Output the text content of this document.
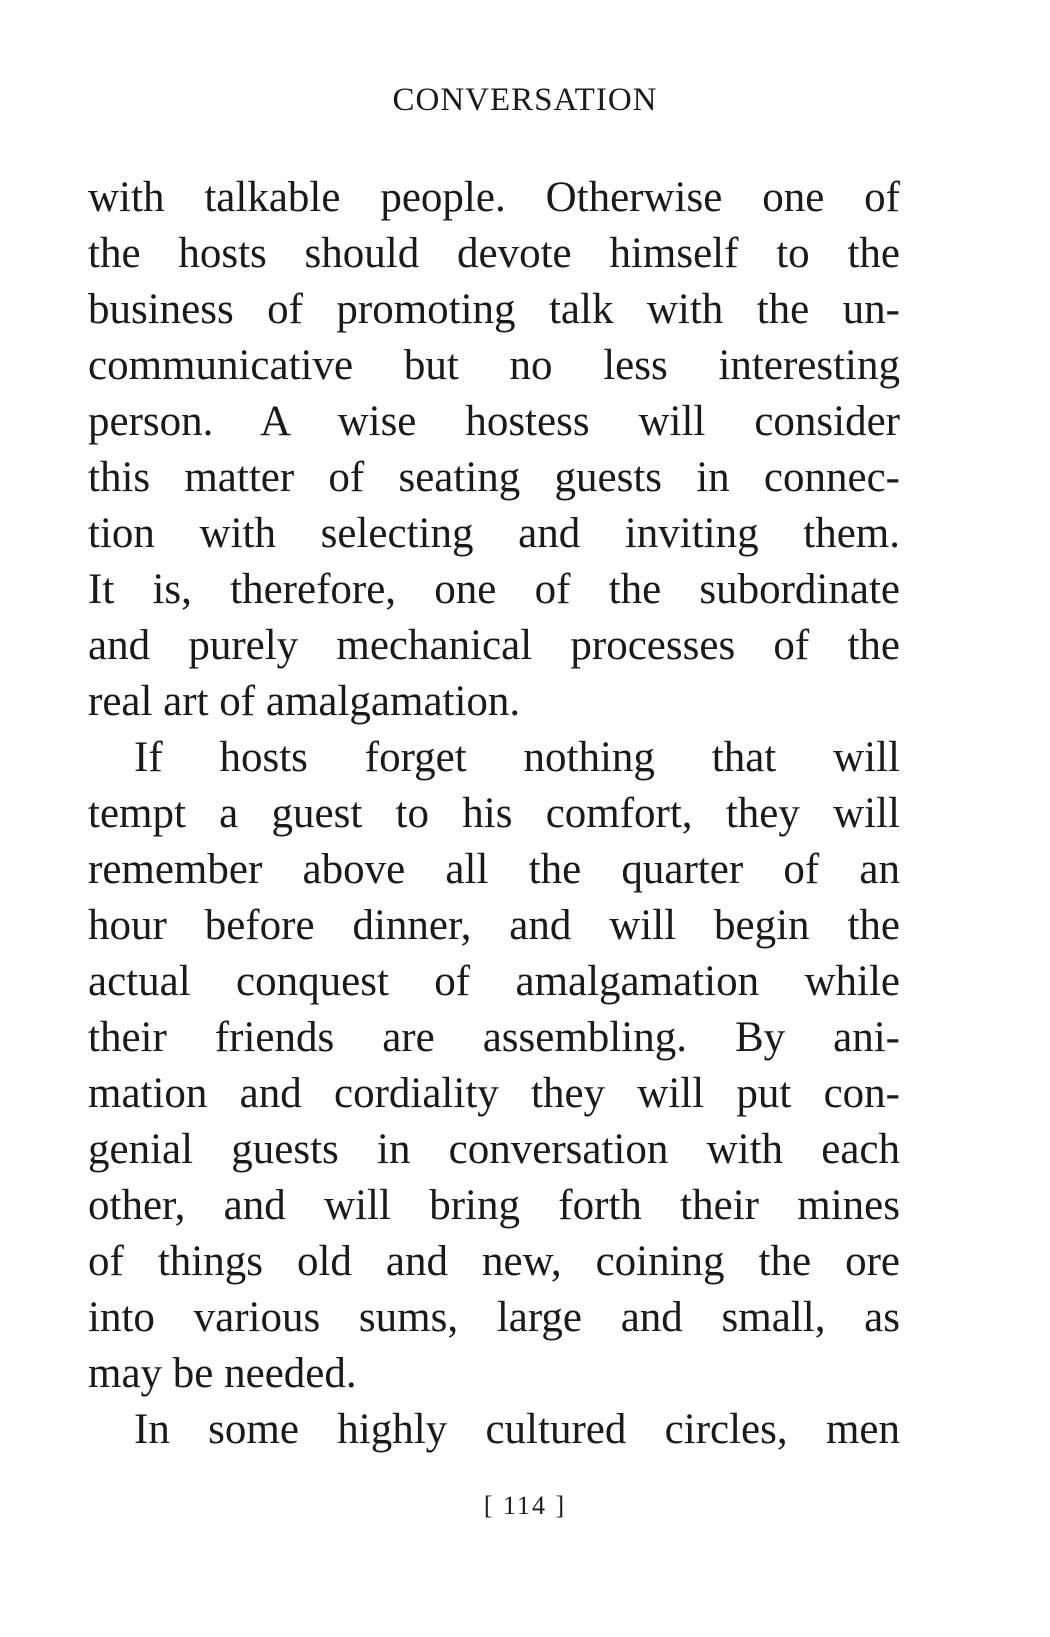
CONVERSATION
with talkable people. Otherwise one of
the hosts should devote himself to the
business of promoting talk with the un-
communicative but no less interesting
person. A wise hostess will consider
this matter of seating guests in connec-
tion with selecting and inviting them.
It is, therefore, one of the subordinate
and purely mechanical processes of the
real art of amalgamation.
If hosts forget nothing that will
tempt a guest to his comfort, they will
remember above all the quarter of an
hour before dinner, and will begin the
actual conquest of amalgamation while
their friends are assembling. By ani-
mation and cordiality they will put con-
genial guests in conversation with each
other, and will bring forth their mines
of things old and new, coining the ore
into various sums, large and small, as
may be needed.
In some highly cultured circles, men
[ 114 ]
